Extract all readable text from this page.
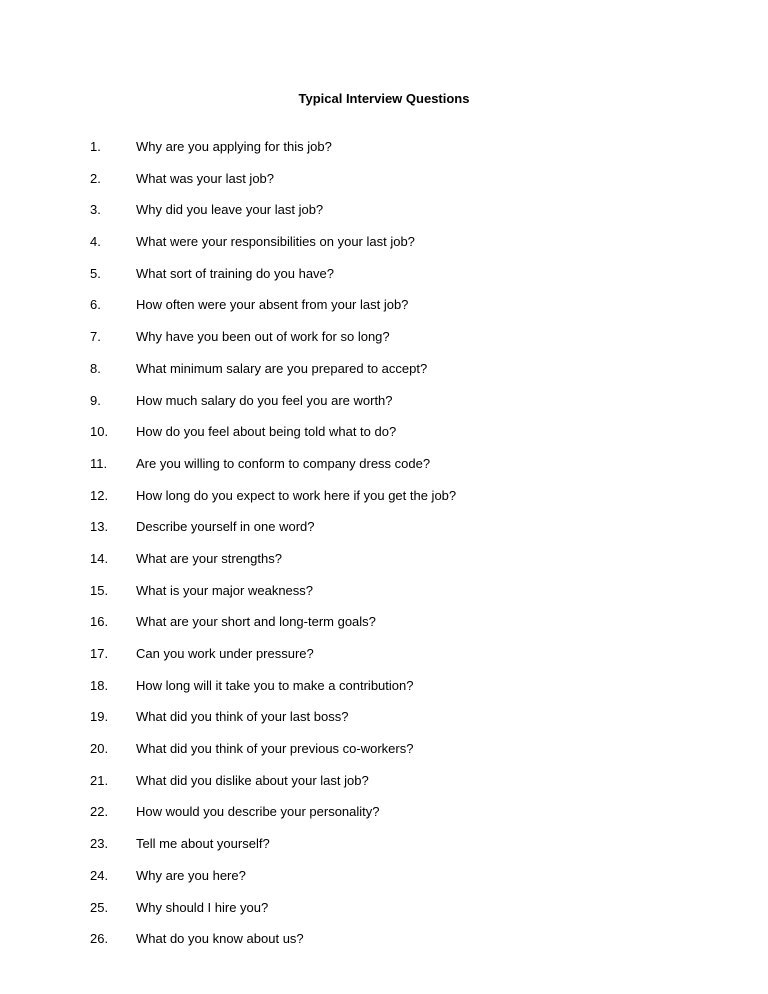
Typical Interview Questions
1.	Why are you applying for this job?
2.	What was your last job?
3.	Why did you leave your last job?
4.	What were your responsibilities on your last job?
5.	What sort of training do you have?
6.	How often were your absent from your last job?
7.	Why have you been out of work for so long?
8.	What minimum salary are you prepared to accept?
9.	How much salary do you feel you are worth?
10. How do you feel about being told what to do?
11. Are you willing to conform to company dress code?
12. How long do you expect to work here if you get the job?
13. Describe yourself in one word?
14. What are your strengths?
15. What is your major weakness?
16. What are your short and long-term goals?
17. Can you work under pressure?
18. How long will it take you to make a contribution?
19. What did you think of your last boss?
20. What did you think of your previous co-workers?
21. What did you dislike about your last job?
22. How would you describe your personality?
23. Tell me about yourself?
24. Why are you here?
25. Why should I hire you?
26. What do you know about us?
